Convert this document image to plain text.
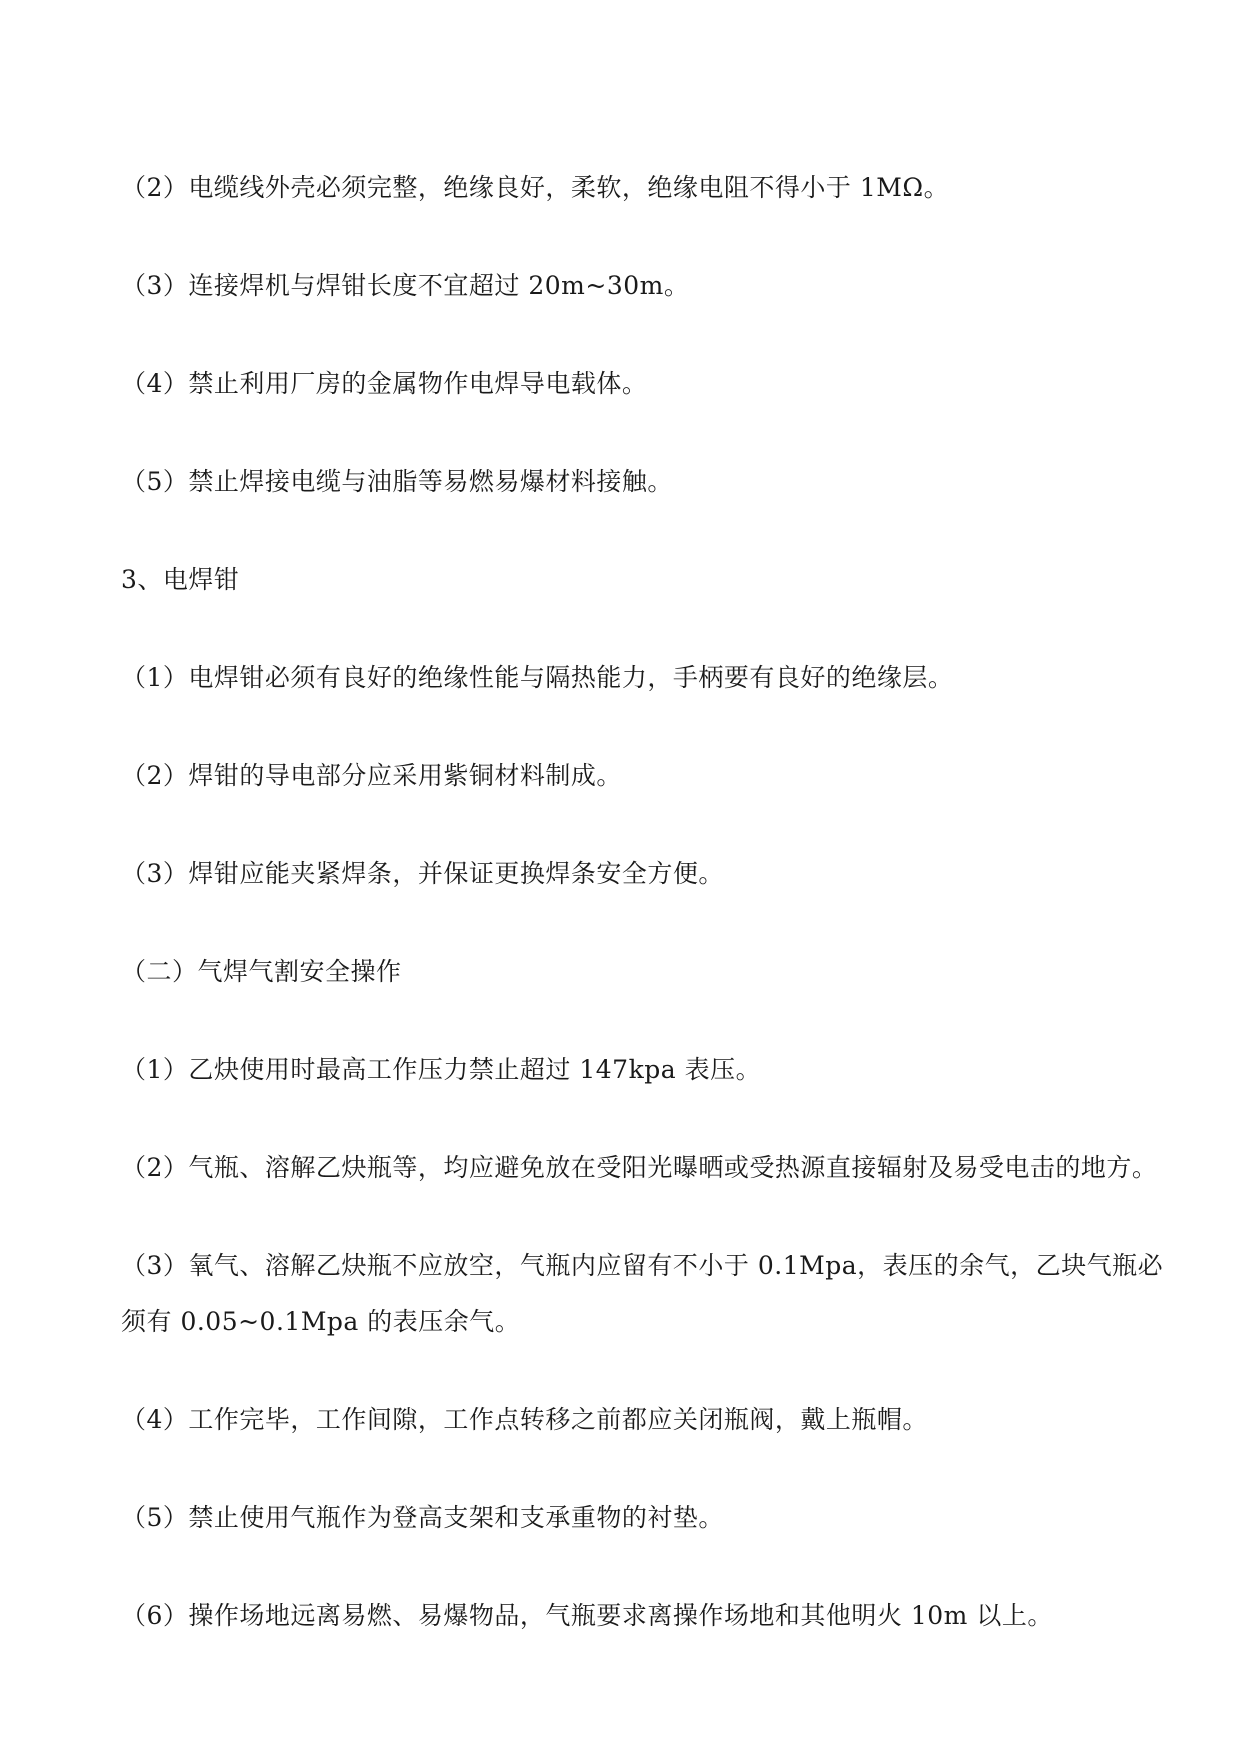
（2）电缆线外壳必须完整，绝缘良好，柔软，绝缘电阻不得小于 1MΩ。
（3）连接焊机与焊钳长度不宜超过 20m~30m。
（4）禁止利用厂房的金属物作电焊导电载体。
（5）禁止焊接电缆与油脂等易燃易爆材料接触。
3、电焊钳
（1）电焊钳必须有良好的绝缘性能与隔热能力，手柄要有良好的绝缘层。
（2）焊钳的导电部分应采用紫铜材料制成。
（3）焊钳应能夹紧焊条，并保证更换焊条安全方便。
（二）气焊气割安全操作
（1）乙炔使用时最高工作压力禁止超过 147kpa 表压。
（2）气瓶、溶解乙炔瓶等，均应避免放在受阳光曝晒或受热源直接辐射及易受电击的地方。
（3）氧气、溶解乙炔瓶不应放空，气瓶内应留有不小于 0.1Mpa，表压的余气，乙块气瓶必
须有 0.05~0.1Mpa 的表压余气。
（4）工作完毕，工作间隙，工作点转移之前都应关闭瓶阀，戴上瓶帽。
（5）禁止使用气瓶作为登高支架和支承重物的衬垫。
（6）操作场地远离易燃、易爆物品，气瓶要求离操作场地和其他明火 10m 以上。
